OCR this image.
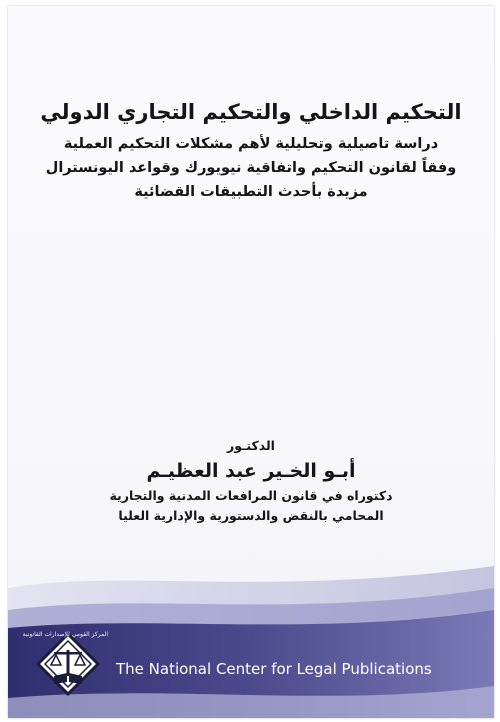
التحكيم الداخلي والتحكيم التجاري الدولي
دراسة تاصيلية وتحليلية لأهم مشكلات التحكيم العملية
وفقاً لقانون التحكيم واتفاقية نيويورك وقواعد اليونسترال
مزيدة بأحدث التطبيقات القضائية
الدكتـور
أبـو الخـير عبد العظيـم
دكتوراه في قانون المرافعات المدنية والتجارية
المحامي بالنقض والدستورية والإدارية العليا
المركز القومي للإصدارات القانونية
The National Center for Legal Publications
